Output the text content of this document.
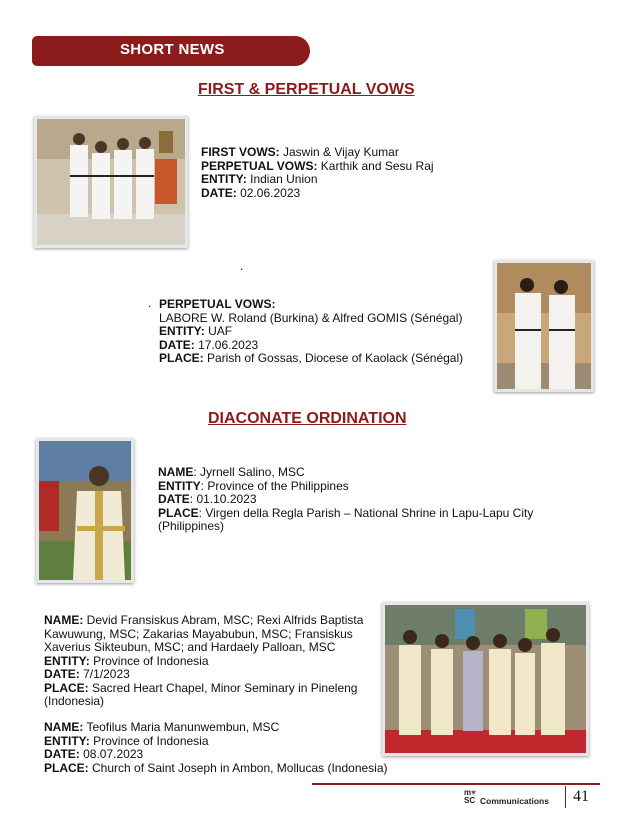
SHORT NEWS
FIRST & PERPETUAL VOWS
FIRST VOWS: Jaswin & Vijay Kumar
PERPETUAL VOWS: Karthik and Sesu Raj
ENTITY: Indian Union
DATE: 02.06.2023
.
. PERPETUAL VOWS:
LABORE W. Roland (Burkina) & Alfred GOMIS (Sénégal)
ENTITY: UAF
DATE: 17.06.2023
PLACE: Parish of Gossas, Diocese of Kaolack (Sénégal)
DIACONATE ORDINATION
NAME: Jyrnell Salino, MSC
ENTITY: Province of the Philippines
DATE: 01.10.2023
PLACE: Virgen della Regla Parish – National Shrine in Lapu-Lapu City (Philippines)
NAME: Devid Fransiskus Abram, MSC; Rexi Alfrids Baptista Kawuwung, MSC; Zakarias Mayabubun, MSC; Fransiskus Xaverius Sikteubun, MSC; and Hardaely Palloan, MSC
ENTITY: Province of Indonesia
DATE: 7/1/2023
PLACE: Sacred Heart Chapel, Minor Seminary in Pineleng (Indonesia)
NAME: Teofilus Maria Manunwembun, MSC
ENTITY: Province of Indonesia
DATE: 08.07.2023
PLACE: Church of Saint Joseph in Ambon, Mollucas (Indonesia)
m♥
SC Communications 41
